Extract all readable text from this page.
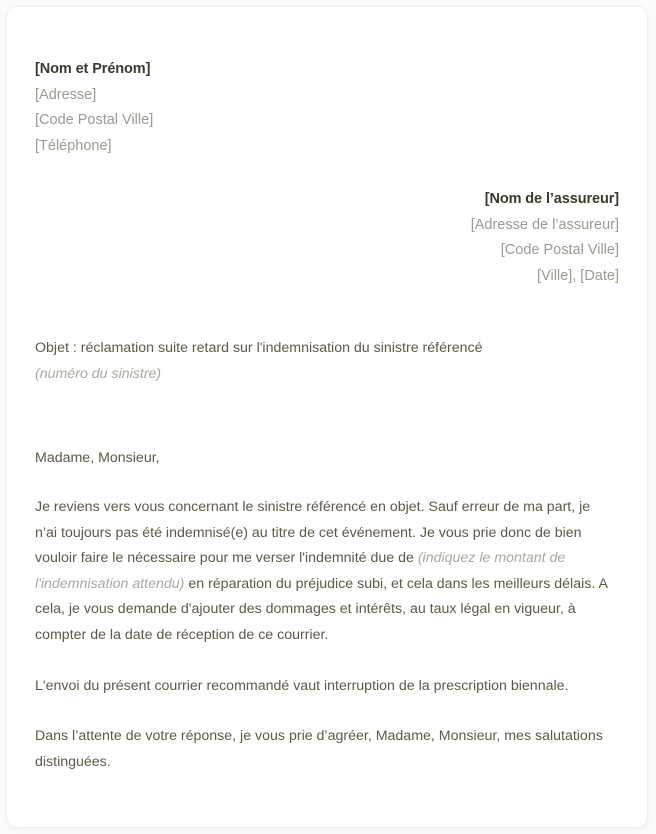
[Nom et Prénom]
[Adresse]
[Code Postal Ville]
[Téléphone]
[Nom de l’assureur]
[Adresse de l’assureur]
[Code Postal Ville]
[Ville], [Date]
Objet : réclamation suite retard sur l'indemnisation du sinistre référencé (numéro du sinistre)
Madame, Monsieur,
Je reviens vers vous concernant le sinistre référencé en objet. Sauf erreur de ma part, je n’ai toujours pas été indemnisé(e) au titre de cet événement. Je vous prie donc de bien vouloir faire le nécessaire pour me verser l'indemnité due de (indiquez le montant de l'indemnisation attendu) en réparation du préjudice subi, et cela dans les meilleurs délais. A cela, je vous demande d'ajouter des dommages et intérêts, au taux légal en vigueur, à compter de la date de réception de ce courrier.
L'envoi du présent courrier recommandé vaut interruption de la prescription biennale.
Dans l’attente de votre réponse, je vous prie d’agréer, Madame, Monsieur, mes salutations distinguées.
